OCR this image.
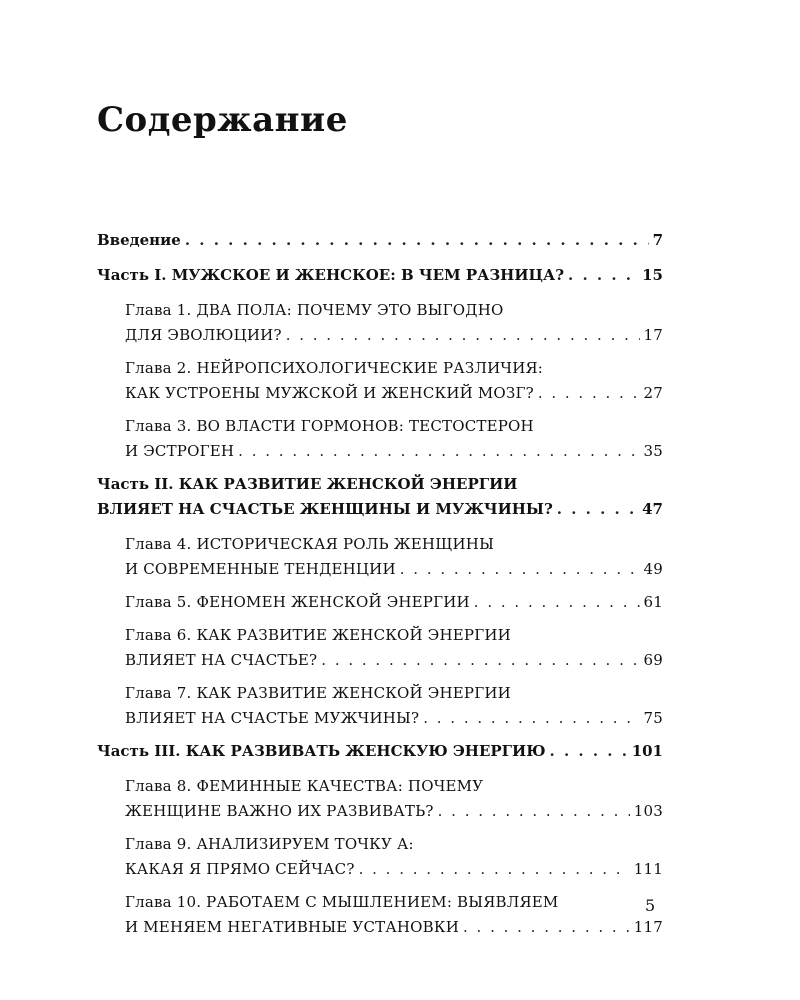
Содержание
Введение . . .	7
Часть I. МУЖСКОЕ И ЖЕНСКОЕ: В ЧЕМ РАЗНИЦА? . . .	15
Глава 1. ДВА ПОЛА: ПОЧЕМУ ЭТО ВЫГОДНО
ДЛЯ ЭВОЛЮЦИИ? . . .	17
Глава 2. НЕЙРОПСИХОЛОГИЧЕСКИЕ РАЗЛИЧИЯ:
КАК УСТРОЕНЫ МУЖСКОЙ И ЖЕНСКИЙ МОЗГ? . . .	27
Глава 3. ВО ВЛАСТИ ГОРМОНОВ: ТЕСТОСТЕРОН
И ЭСТРОГЕН . . .	35
Часть II. КАК РАЗВИТИЕ ЖЕНСКОЙ ЭНЕРГИИ
ВЛИЯЕТ НА СЧАСТЬЕ ЖЕНЩИНЫ И МУЖЧИНЫ? . . .	47
Глава 4. ИСТОРИЧЕСКАЯ РОЛЬ ЖЕНЩИНЫ
И СОВРЕМЕННЫЕ ТЕНДЕНЦИИ . . .	49
Глава 5. ФЕНОМЕН ЖЕНСКОЙ ЭНЕРГИИ . . .	61
Глава 6. КАК РАЗВИТИЕ ЖЕНСКОЙ ЭНЕРГИИ
ВЛИЯЕТ НА СЧАСТЬЕ? . . .	69
Глава 7. КАК РАЗВИТИЕ ЖЕНСКОЙ ЭНЕРГИИ
ВЛИЯЕТ НА СЧАСТЬЕ МУЖЧИНЫ? . . .	75
Часть III. КАК РАЗВИВАТЬ ЖЕНСКУЮ ЭНЕРГИЮ . . .	101
Глава 8. ФЕМИННЫЕ КАЧЕСТВА: ПОЧЕМУ
ЖЕНЩИНЕ ВАЖНО ИХ РАЗВИВАТЬ? . . .	103
Глава 9. АНАЛИЗИРУЕМ ТОЧКУ А:
КАКАЯ Я ПРЯМО СЕЙЧАС? . . .	111
Глава 10. РАБОТАЕМ С МЫШЛЕНИЕМ: ВЫЯВЛЯЕМ
И МЕНЯЕМ НЕГАТИВНЫЕ УСТАНОВКИ . . .	117
5
